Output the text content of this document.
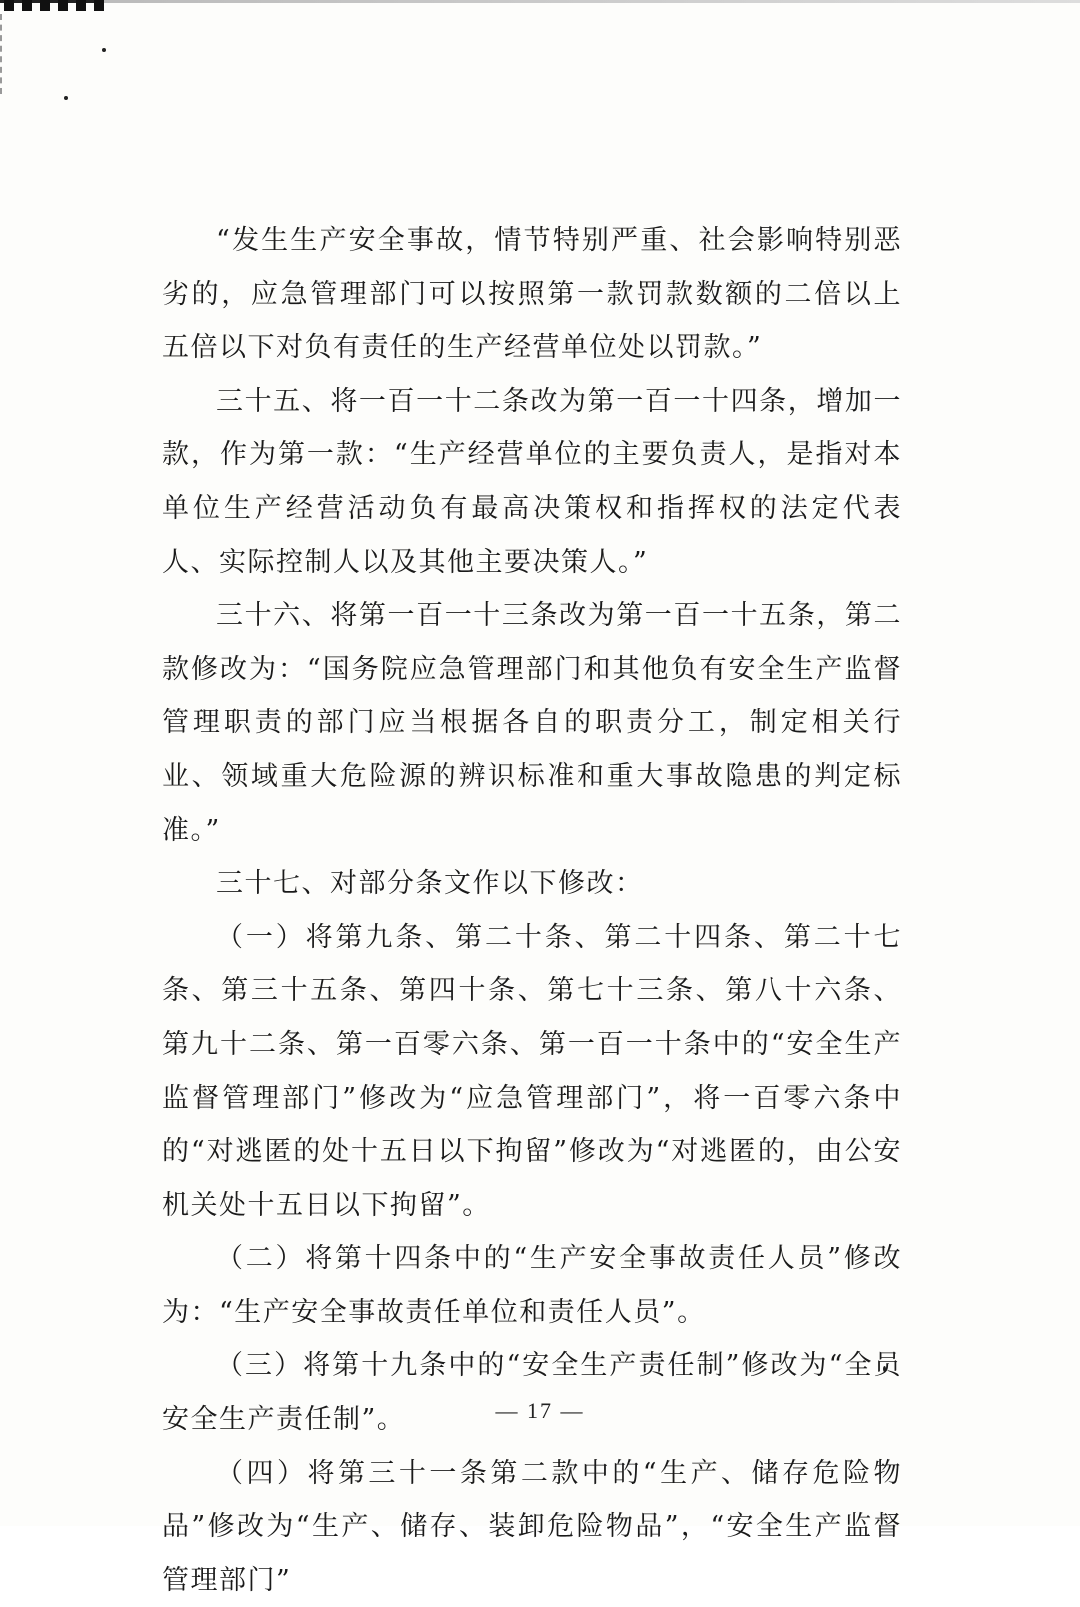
“发生生产安全事故，情节特别严重、社会影响特别恶劣的，应急管理部门可以按照第一款罚款数额的二倍以上五倍以下对负有责任的生产经营单位处以罚款。”

三十五、将一百一十二条改为第一百一十四条，增加一款，作为第一款：“生产经营单位的主要负责人，是指对本单位生产经营活动负有最高决策权和指挥权的法定代表人、实际控制人以及其他主要决策人。”

三十六、将第一百一十三条改为第一百一十五条，第二款修改为：“国务院应急管理部门和其他负有安全生产监督管理职责的部门应当根据各自的职责分工，制定相关行业、领域重大危险源的辨识标准和重大事故隐患的判定标准。”

三十七、对部分条文作以下修改：

（一）将第九条、第二十条、第二十四条、第二十七条、第三十五条、第四十条、第七十三条、第八十六条、第九十二条、第一百零六条、第一百一十条中的“安全生产监督管理部门”修改为“应急管理部门”，将一百零六条中的“对逃匿的处十五日以下拘留”修改为“对逃匿的，由公安机关处十五日以下拘留”。

（二）将第十四条中的“生产安全事故责任人员”修改为：“生产安全事故责任单位和责任人员”。

（三）将第十九条中的“安全生产责任制”修改为“全员安全生产责任制”。

（四）将第三十一条第二款中的“生产、储存危险物品”修改为“生产、储存、装卸危险物品”，“安全生产监督管理部门”

— 17 —
